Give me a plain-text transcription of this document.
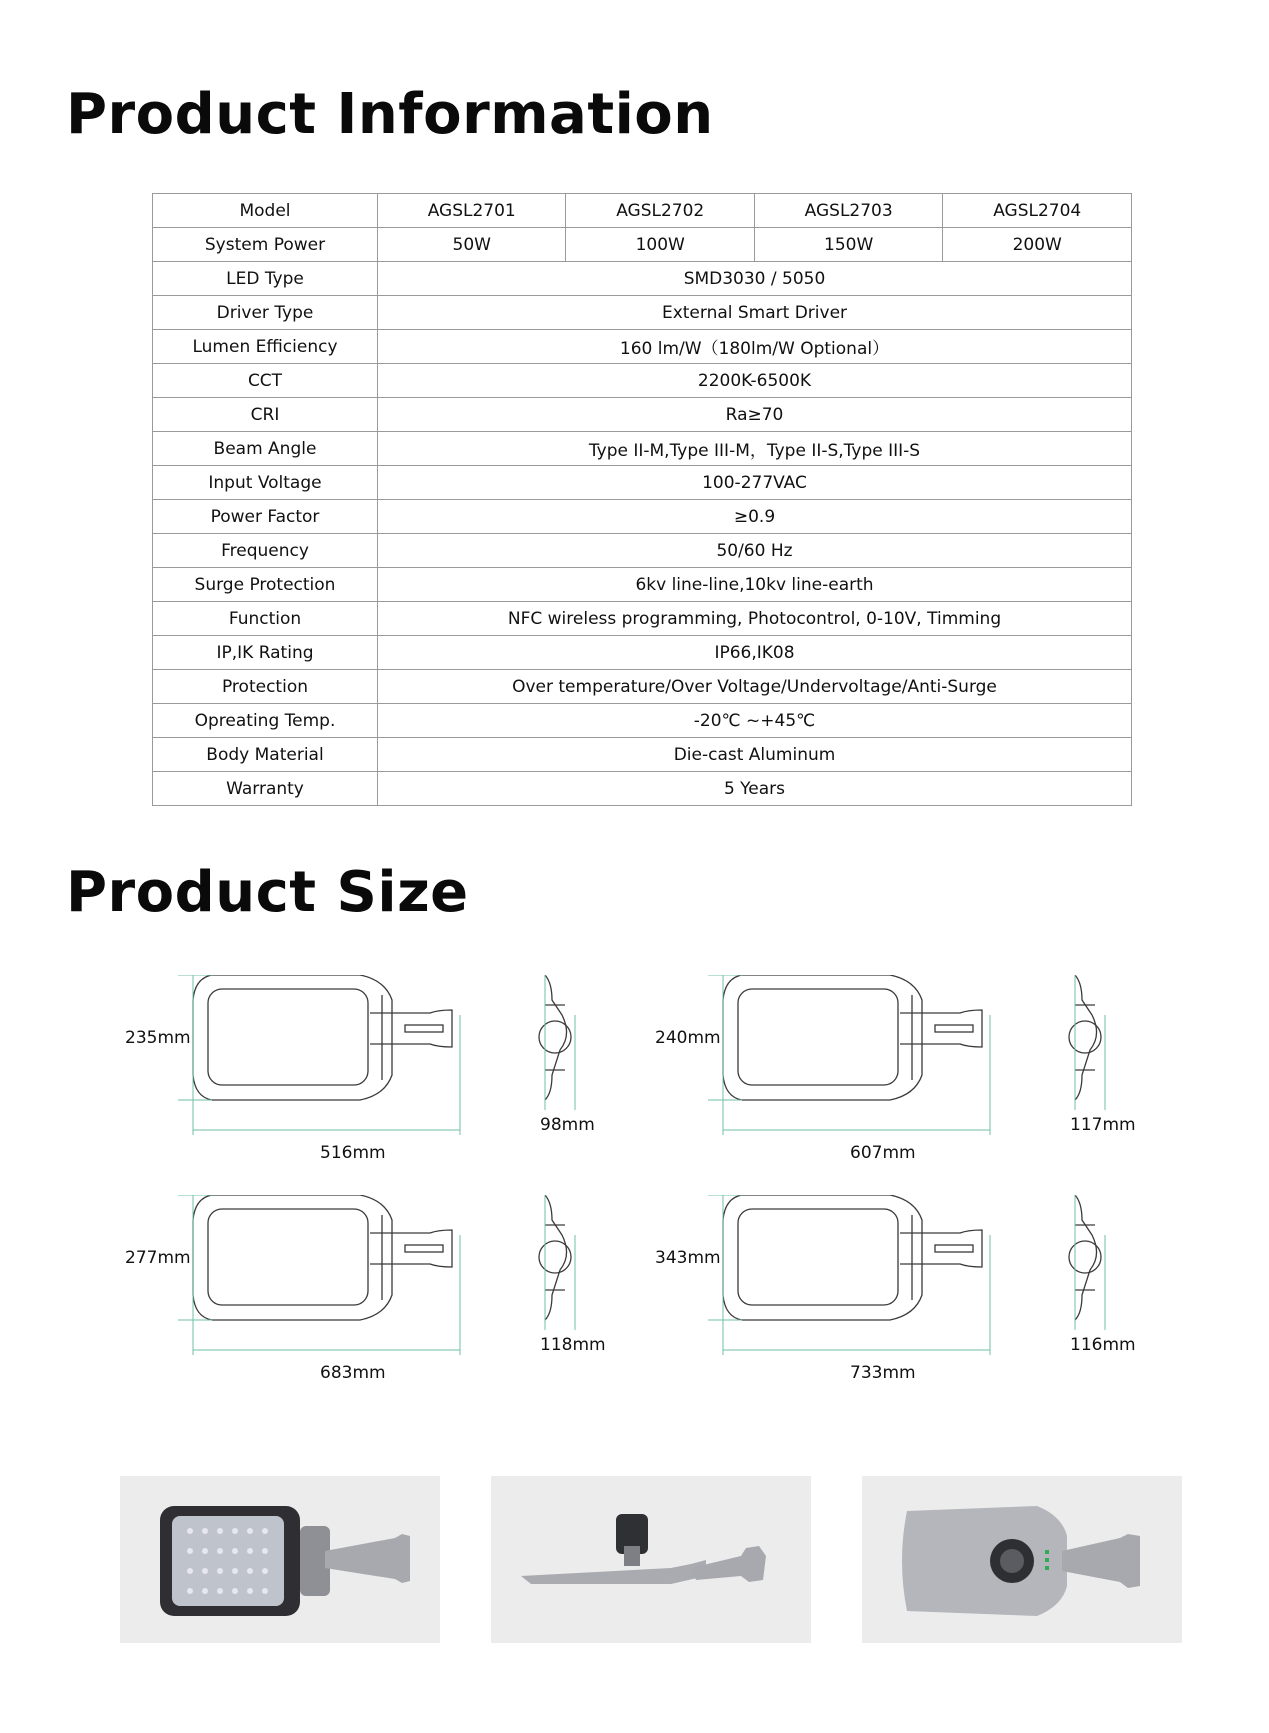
Product Information
Model	AGSL2701	AGSL2702	AGSL2703	AGSL2704
System Power	50W	100W	150W	200W
LED Type	SMD3030 / 5050			
Driver Type	External Smart Driver			
Lumen Efficiency	160 lm/W（180lm/W Optional）			
CCT	2200K-6500K			
CRI	Ra≥70			
Beam Angle	Type II-M,Type III-M，Type II-S,Type III-S			
Input Voltage	100-277VAC			
Power Factor	≥0.9			
Frequency	50/60 Hz			
Surge Protection	6kv line-line,10kv line-earth			
Function	NFC wireless programming, Photocontrol, 0-10V, Timming			
IP,IK Rating	IP66,IK08			
Protection	Over temperature/Over Voltage/Undervoltage/Anti-Surge			
Opreating Temp.	-20℃ ~+45℃			
Body Material	Die-cast Aluminum			
Warranty	5 Years			
Product Size
235mm
516mm
98mm
240mm
607mm
117mm
277mm
683mm
118mm
343mm
733mm
116mm
